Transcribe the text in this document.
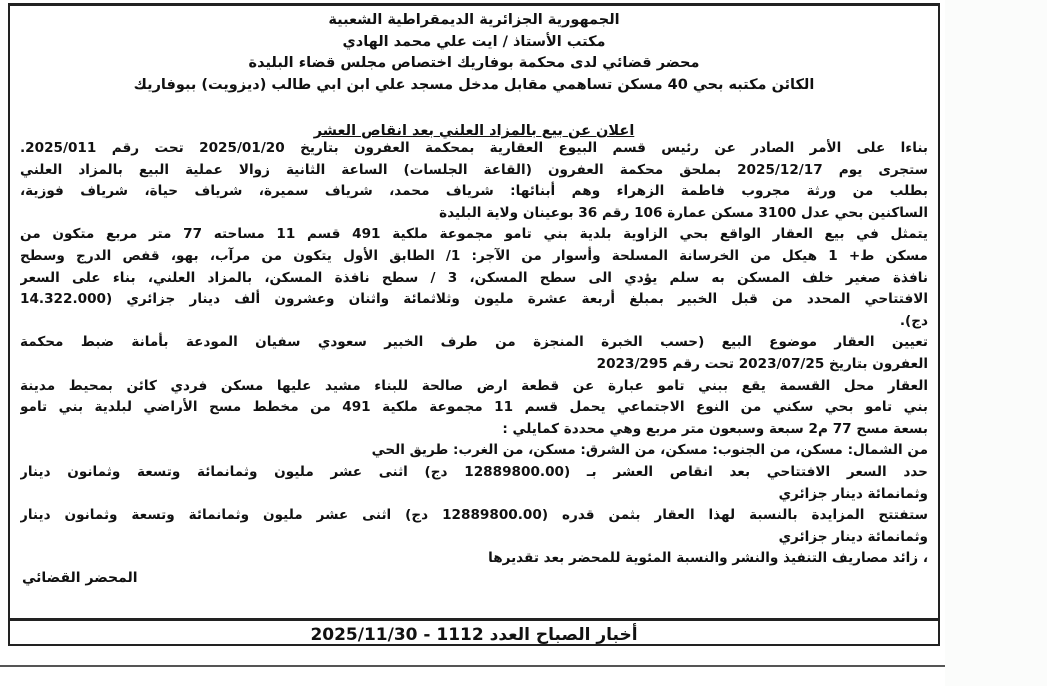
الجمهورية الجزائرية الديمقراطية الشعبية
مكتب الأستاذ / ايت علي محمد الهادي
محضر قضائي لدى محكمة بوفاريك اختصاص مجلس قضاء البليدة
الكائن مكتبه بحي 40 مسكن تساهمي مقابل مدخل مسجد علي ابن ابي طالب (ديزويت) ببوفاريك
اعلان عن بيع بالمزاد العلني بعد انقاص العشر
بناءا على الأمر الصادر عن رئيس قسم البيوع العقارية بمحكمة العفرون بتاريخ 2025/01/20 تحت رقم 2025/011.
ستجرى يوم 2025/12/17 بملحق محكمة العفرون (القاعة الجلسات) الساعة الثانية زوالا عملية البيع بالمزاد العلني
بطلب من ورثة مجروب فاطمة الزهراء وهم أبنائها: شرياف محمد، شرياف سميرة، شرياف حياة، شرياف فوزية،
الساكنين بحي عدل 3100 مسكن عمارة 106 رقم 36 بوعينان ولاية البليدة
يتمثل في بيع العقار الواقع بحي الزاوية بلدية بني تامو مجموعة ملكية 491 قسم 11 مساحته 77 متر مربع متكون من
مسكن ط+ 1 هيكل من الخرسانة المسلحة وأسوار من الآجر: 1/ الطابق الأول يتكون من مرآب، بهو، قفص الدرج وسطح
نافذة صغير خلف المسكن به سلم يؤدي الى سطح المسكن، 3 / سطح نافذة المسكن، بالمزاد العلني، بناء على السعر
الافتتاحي المحدد من قبل الخبير بمبلغ أربعة عشرة مليون وثلاثمائة واثنان وعشرون ألف دينار جزائري (14.322.000
دج).
تعيين العقار موضوع البيع (حسب الخبرة المنجزة من طرف الخبير سعودي سفيان المودعة بأمانة ضبط محكمة
العفرون بتاريخ 2023/07/25 تحت رقم 2023/295
العقار محل القسمة يقع ببني تامو عبارة عن قطعة ارض صالحة للبناء مشيد عليها مسكن فردي كائن بمحيط مدينة
بني تامو بحي سكني من النوع الاجتماعي يحمل قسم 11 مجموعة ملكية 491 من مخطط مسح الأراضي لبلدية بني تامو
بسعة مسح 77 م2 سبعة وسبعون متر مربع وهي محددة كمايلي :
من الشمال: مسكن، من الجنوب: مسكن، من الشرق: مسكن، من الغرب: طريق الحي
حدد السعر الافتتاحي بعد انقاص العشر بـ (12889800.00 دج) اثنى عشر مليون وثمانمائة وتسعة وثمانون دينار
وثمانمائة دينار جزائري
ستفتتح المزايدة بالنسبة لهذا العقار بثمن قدره (12889800.00 دج) اثنى عشر مليون وثمانمائة وتسعة وثمانون دينار
وثمانمائة دينار جزائري
، زائد مصاريف التنفيذ والنشر والنسبة المئوية للمحضر بعد تقديرها
المحضر القضائي
أخبار الصباح العدد 1112 - 2025/11/30
